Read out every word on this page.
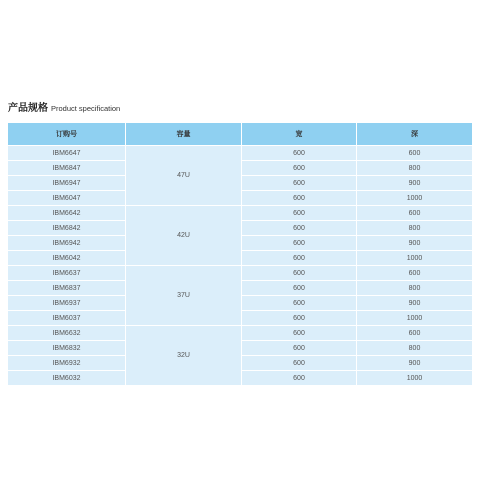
产品规格 Product specification
订购号	容量	宽	深
IBM6647	47U	600	600
IBM6847		600	800
IBM6947		600	900
IBM6047		600	1000
IBM6642	42U	600	600
IBM6842		600	800
IBM6942		600	900
IBM6042		600	1000
IBM6637	37U	600	600
IBM6837		600	800
IBM6937		600	900
IBM6037		600	1000
IBM6632	32U	600	600
IBM6832		600	800
IBM6932		600	900
IBM6032		600	1000
